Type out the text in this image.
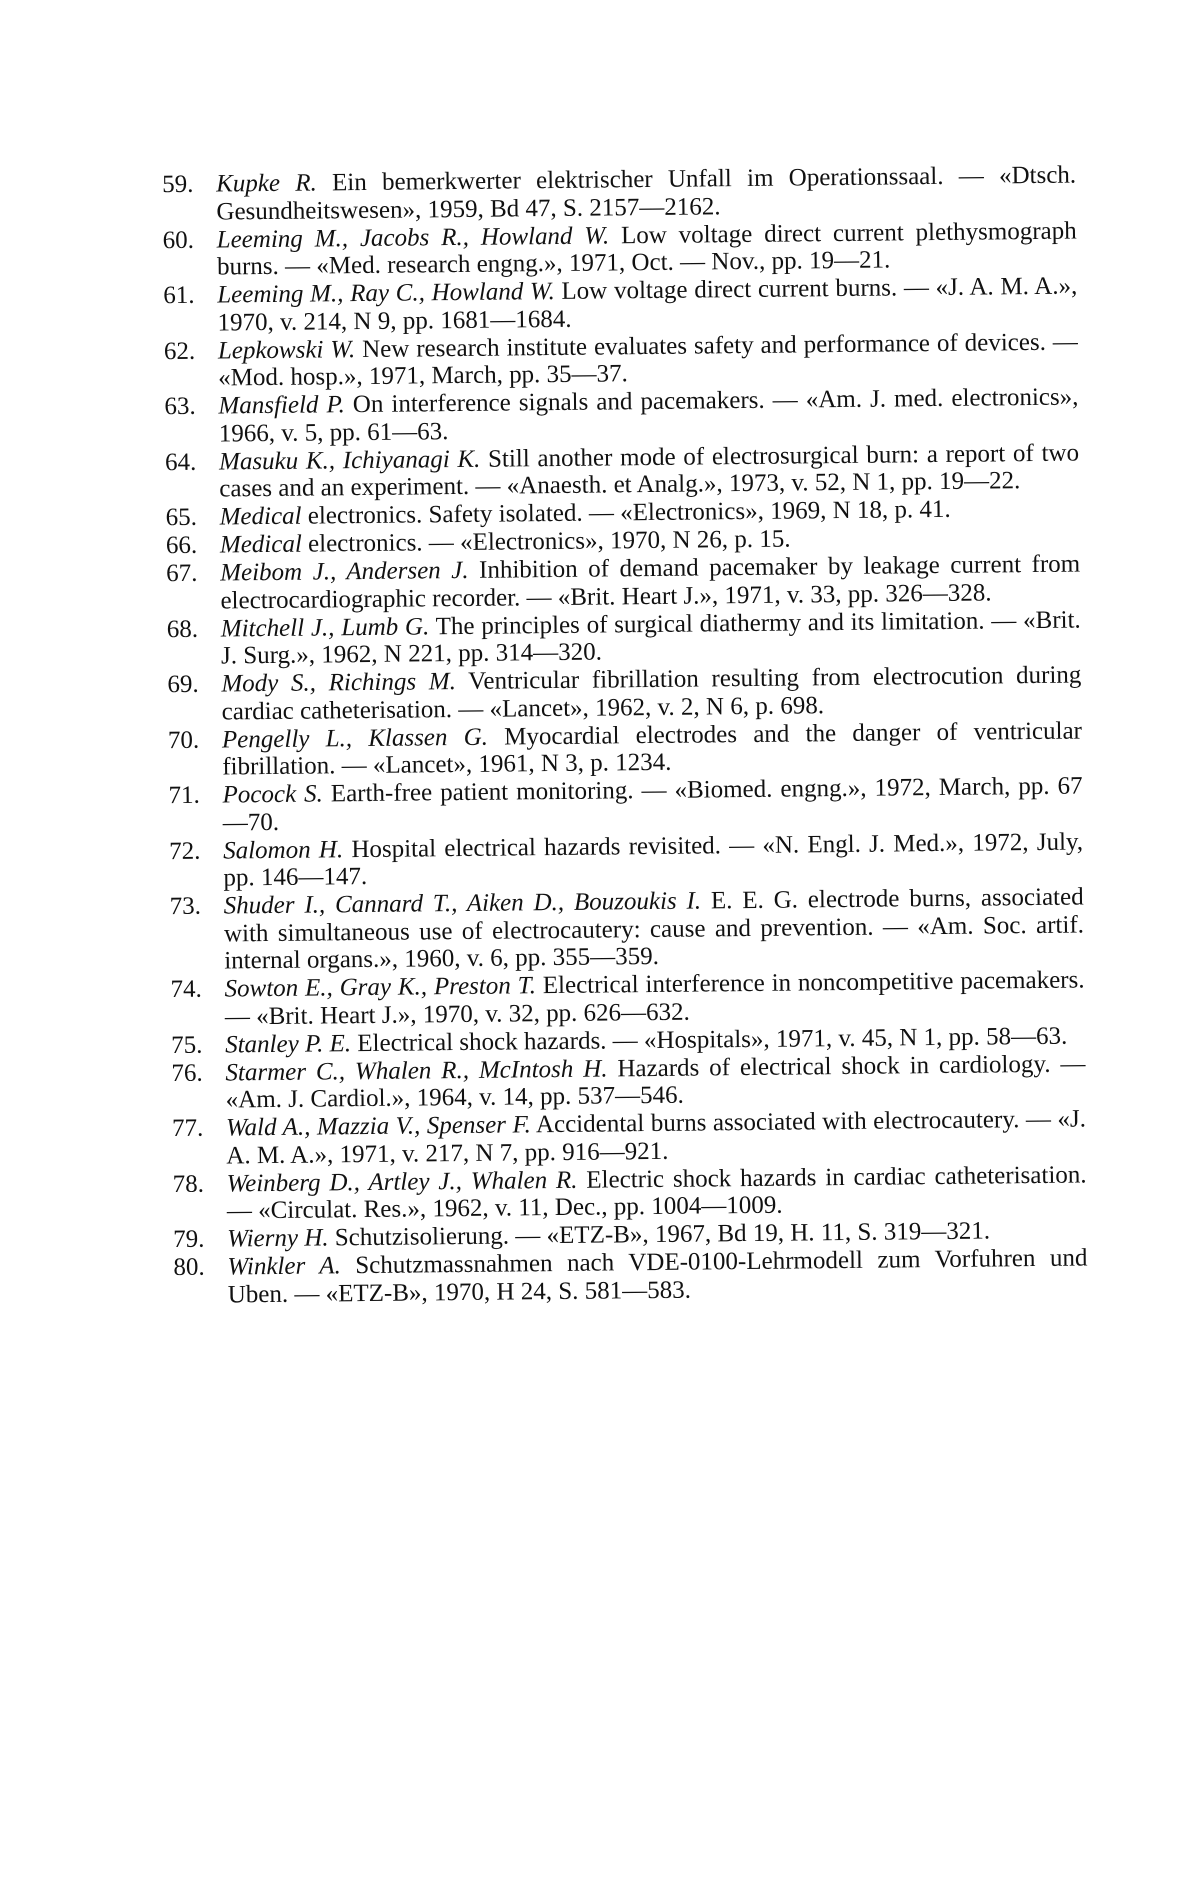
59. Kupke R. Ein bemerkwerter elektrischer Unfall im Operationssaal. — «Dtsch. Gesundheitswesen», 1959, Bd 47, S. 2157—2162.
60. Leeming M., Jacobs R., Howland W. Low voltage direct current plethysmograph burns. — «Med. research engng.», 1971, Oct. — Nov., pp. 19—21.
61. Leeming M., Ray C., Howland W. Low voltage direct current burns. — «J. A. M. A.», 1970, v. 214, N 9, pp. 1681—1684.
62. Lepkowski W. New research institute evaluates safety and performance of devices. — «Mod. hosp.», 1971, March, pp. 35—37.
63. Mansfield P. On interference signals and pacemakers. — «Am. J. med. electronics», 1966, v. 5, pp. 61—63.
64. Masuku K., Ichiyanagi K. Still another mode of electrosurgical burn: a report of two cases and an experiment. — «Anaesth. et Analg.», 1973, v. 52, N 1, pp. 19—22.
65. Medical electronics. Safety isolated. — «Electronics», 1969, N 18, p. 41.
66. Medical electronics. — «Electronics», 1970, N 26, p. 15.
67. Meibom J., Andersen J. Inhibition of demand pacemaker by leakage current from electrocardiographic recorder. — «Brit. Heart J.», 1971, v. 33, pp. 326—328.
68. Mitchell J., Lumb G. The principles of surgical diathermy and its limitation. — «Brit. J. Surg.», 1962, N 221, pp. 314—320.
69. Mody S., Richings M. Ventricular fibrillation resulting from electrocution during cardiac catheterisation. — «Lancet», 1962, v. 2, N 6, p. 698.
70. Pengelly L., Klassen G. Myocardial electrodes and the danger of ventricular fibrillation. — «Lancet», 1961, N 3, p. 1234.
71. Pocock S. Earth-free patient monitoring. — «Biomed. engng.», 1972, March, pp. 67—70.
72. Salomon H. Hospital electrical hazards revisited. — «N. Engl. J. Med.», 1972, July, pp. 146—147.
73. Shuder I., Cannard T., Aiken D., Bouzoukis I. E. E. G. electrode burns, associated with simultaneous use of electrocautery: cause and prevention. — «Am. Soc. artif. internal organs.», 1960, v. 6, pp. 355—359.
74. Sowton E., Gray K., Preston T. Electrical interference in noncompetitive pacemakers. — «Brit. Heart J.», 1970, v. 32, pp. 626—632.
75. Stanley P. E. Electrical shock hazards. — «Hospitals», 1971, v. 45, N 1, pp. 58—63.
76. Starmer C., Whalen R., McIntosh H. Hazards of electrical shock in cardiology. — «Am. J. Cardiol.», 1964, v. 14, pp. 537—546.
77. Wald A., Mazzia V., Spenser F. Accidental burns associated with electrocautery. — «J. A. M. A.», 1971, v. 217, N 7, pp. 916—921.
78. Weinberg D., Artley J., Whalen R. Electric shock hazards in cardiac catheterisation. — «Circulat. Res.», 1962, v. 11, Dec., pp. 1004—1009.
79. Wierny H. Schutzisolierung. — «ETZ-B», 1967, Bd 19, H. 11, S. 319—321.
80. Winkler A. Schutzmassnahmen nach VDE-0100-Lehrmodell zum Vorfuhren und Uben. — «ETZ-B», 1970, H 24, S. 581—583.
